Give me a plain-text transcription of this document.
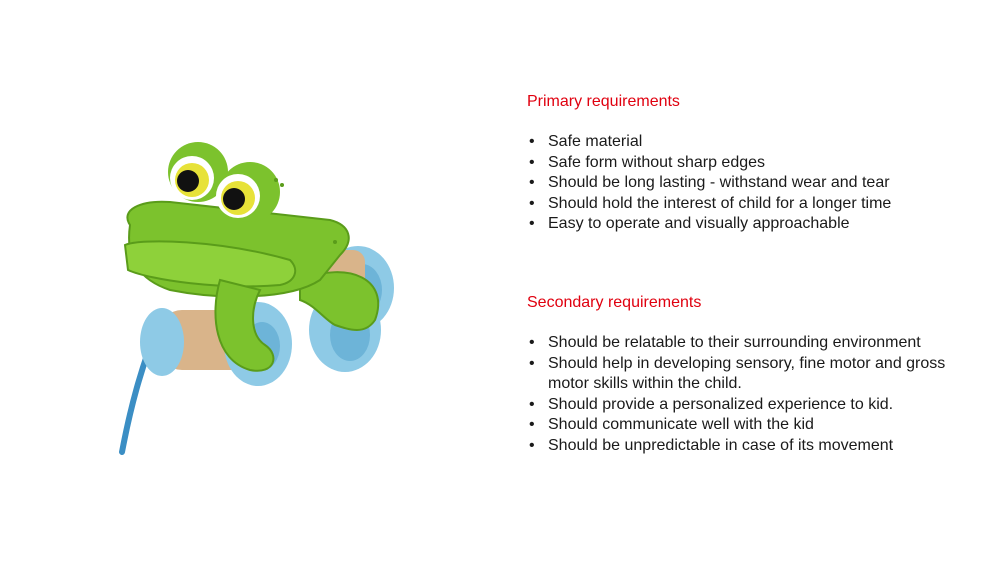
Primary requirements
• Safe material
• Safe form without sharp edges
• Should be long lasting - withstand wear and tear
• Should hold the interest of child for a longer time
• Easy to operate and visually approachable
Secondary requirements
• Should be relatable to their surrounding environment
• Should help in developing sensory, fine motor and gross motor skills within the child.
• Should provide a personalized experience to kid.
• Should communicate well with the kid
• Should be unpredictable in case of its movement
